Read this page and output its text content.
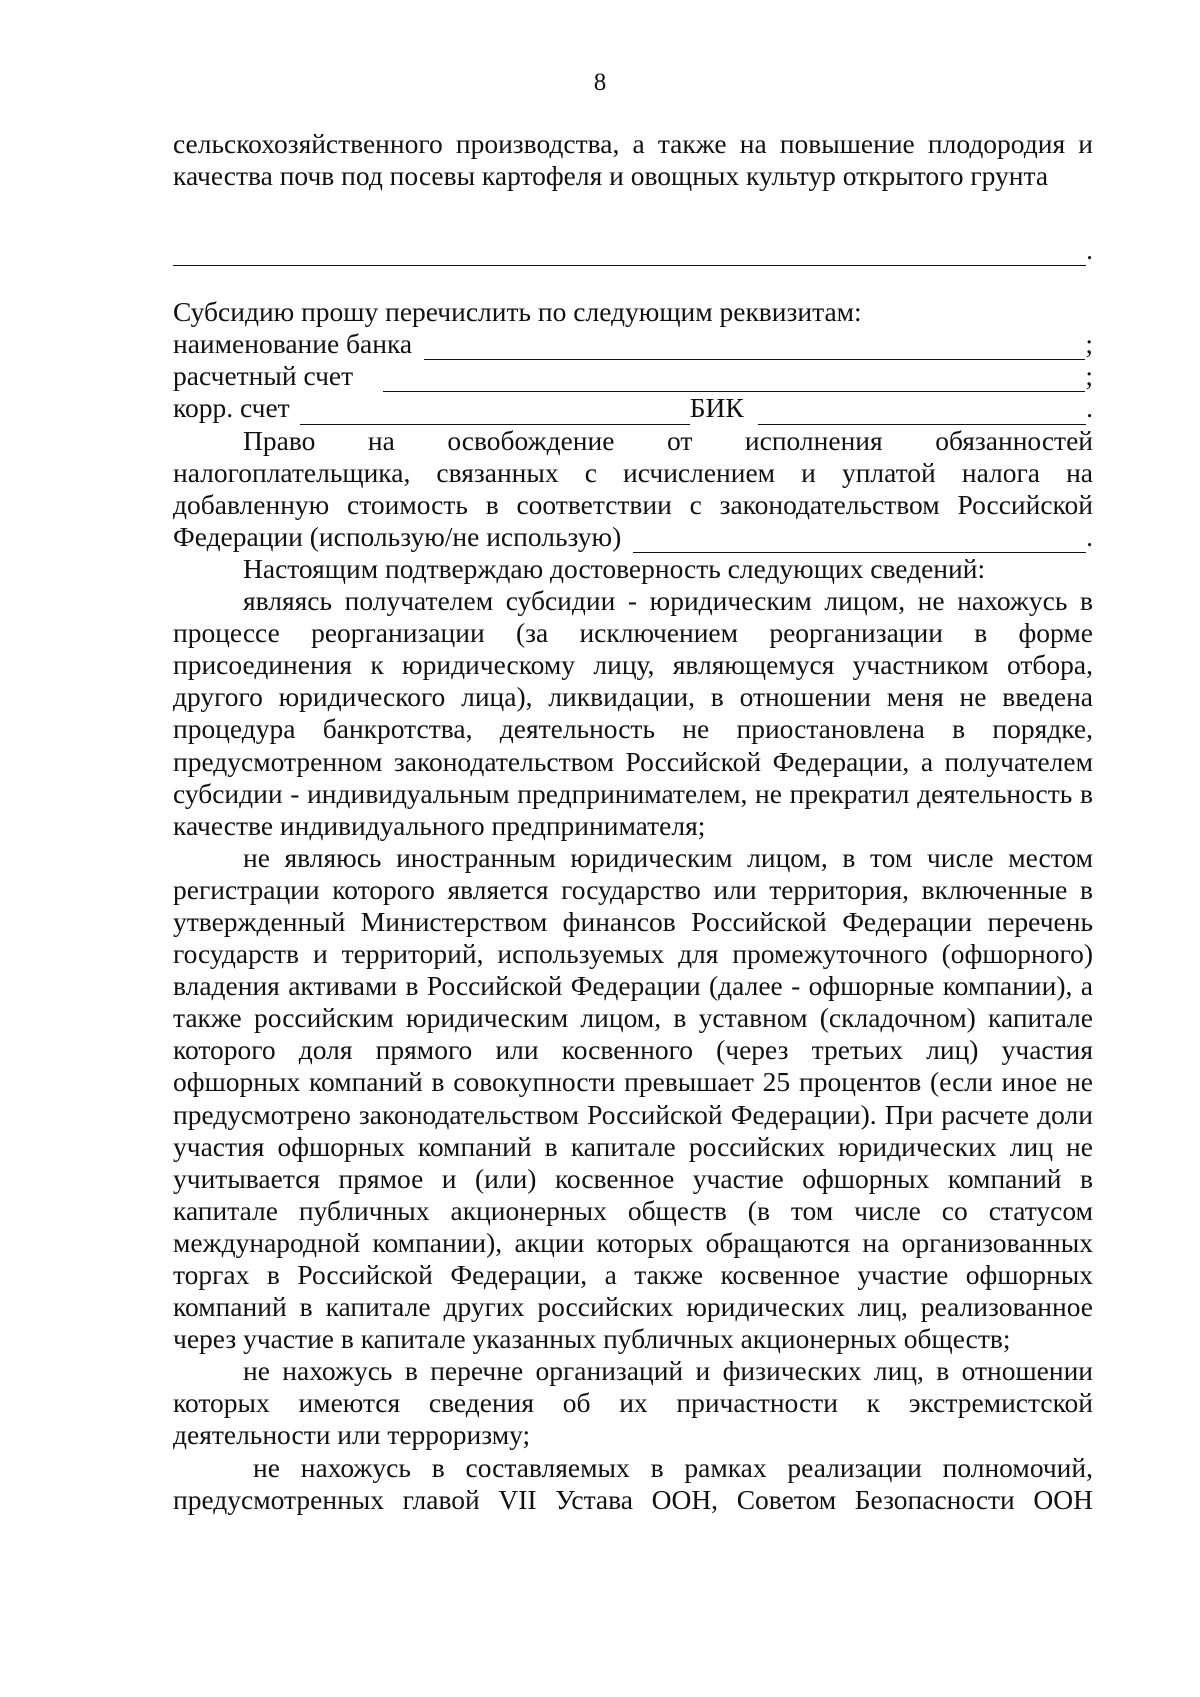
8

сельскохозяйственного производства, а также на повышение плодородия и

качества почв под посевы картофеля и овощных культур открытого грунта

.

Субсидию прошу перечислить по следующим реквизитам:

наименование банка	;
расчетный счет	;
корр. счет	БИК	.

Право на освобождение от исполнения обязанностей

налогоплательщика, связанных с исчислением и уплатой налога на

добавленную стоимость в соответствии с законодательством Российской

Федерации (использую/не использую)	.

Настоящим подтверждаю достоверность следующих сведений:

являясь получателем субсидии - юридическим лицом, не нахожусь в процессе реорганизации (за исключением реорганизации в форме присоединения к юридическому лицу, являющемуся участником отбора, другого юридического лица), ликвидации, в отношении меня не введена процедура банкротства, деятельность не приостановлена в порядке, предусмотренном законодательством Российской Федерации, а получателем субсидии - индивидуальным предпринимателем, не прекратил деятельность в качестве индивидуального предпринимателя;

не являюсь иностранным юридическим лицом, в том числе местом регистрации которого является государство или территория, включенные в утвержденный Министерством финансов Российской Федерации перечень государств и территорий, используемых для промежуточного (офшорного) владения активами в Российской Федерации (далее - офшорные компании), а также российским юридическим лицом, в уставном (складочном) капитале которого доля прямого или косвенного (через третьих лиц) участия офшорных компаний в совокупности превышает 25 процентов (если иное не предусмотрено законодательством Российской Федерации). При расчете доли участия офшорных компаний в капитале российских юридических лиц не учитывается прямое и (или) косвенное участие офшорных компаний в капитале публичных акционерных обществ (в том числе со статусом международной компании), акции которых обращаются на организованных торгах в Российской Федерации, а также косвенное участие офшорных компаний в капитале других российских юридических лиц, реализованное через участие в капитале указанных публичных акционерных обществ;

не нахожусь в перечне организаций и физических лиц, в отношении которых имеются сведения об их причастности к экстремистской деятельности или терроризму;

не нахожусь в составляемых в рамках реализации полномочий, предусмотренных главой VII Устава ООН, Советом Безопасности ООН
